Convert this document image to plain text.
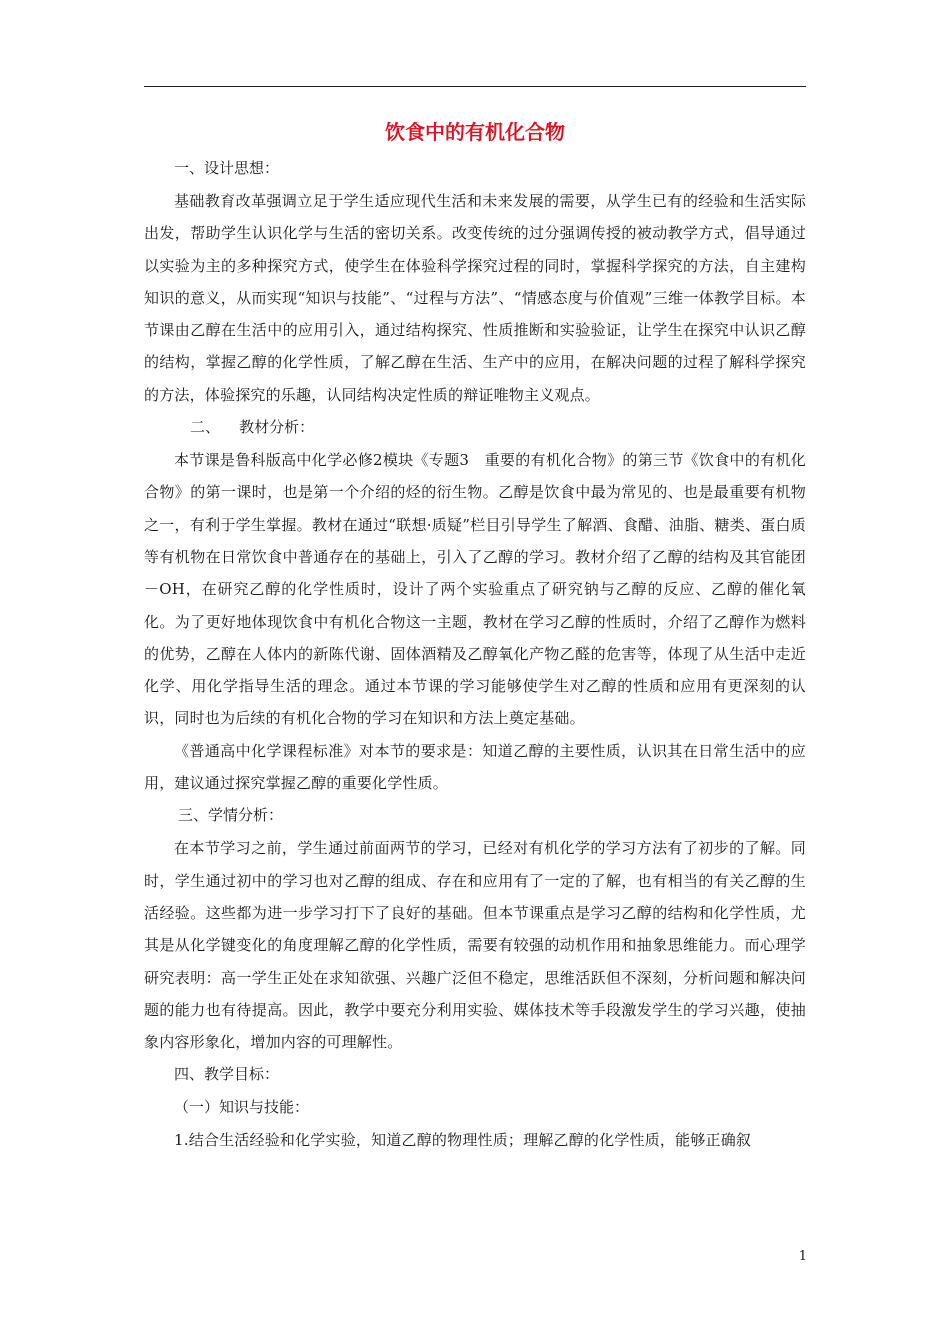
饮食中的有机化合物

一、设计思想：

基础教育改革强调立足于学生适应现代生活和未来发展的需要，从学生已有的经验和生活实际出发，帮助学生认识化学与生活的密切关系。改变传统的过分强调传授的被动教学方式，倡导通过以实验为主的多种探究方式，使学生在体验科学探究过程的同时，掌握科学探究的方法，自主建构知识的意义，从而实现“知识与技能”、“过程与方法”、“情感态度与价值观”三维一体教学目标。本节课由乙醇在生活中的应用引入，通过结构探究、性质推断和实验验证，让学生在探究中认识乙醇的结构，掌握乙醇的化学性质，了解乙醇在生活、生产中的应用，在解决问题的过程了解科学探究的方法，体验探究的乐趣，认同结构决定性质的辩证唯物主义观点。

二、    教材分析：

本节课是鲁科版高中化学必修2模块《专题3　重要的有机化合物》的第三节《饮食中的有机化合物》的第一课时，也是第一个介绍的烃的衍生物。乙醇是饮食中最为常见的、也是最重要有机物之一，有利于学生掌握。教材在通过“联想·质疑”栏目引导学生了解酒、食醋、油脂、糖类、蛋白质等有机物在日常饮食中普通存在的基础上，引入了乙醇的学习。教材介绍了乙醇的结构及其官能团－OH，在研究乙醇的化学性质时，设计了两个实验重点了研究钠与乙醇的反应、乙醇的催化氧化。为了更好地体现饮食中有机化合物这一主题，教材在学习乙醇的性质时，介绍了乙醇作为燃料的优势，乙醇在人体内的新陈代谢、固体酒精及乙醇氧化产物乙醛的危害等，体现了从生活中走近化学、用化学指导生活的理念。通过本节课的学习能够使学生对乙醇的性质和应用有更深刻的认识，同时也为后续的有机化合物的学习在知识和方法上奠定基础。

《普通高中化学课程标准》对本节的要求是：知道乙醇的主要性质，认识其在日常生活中的应用，建议通过探究掌握乙醇的重要化学性质。

三、学情分析：

在本节学习之前，学生通过前面两节的学习，已经对有机化学的学习方法有了初步的了解。同时，学生通过初中的学习也对乙醇的组成、存在和应用有了一定的了解，也有相当的有关乙醇的生活经验。这些都为进一步学习打下了良好的基础。但本节课重点是学习乙醇的结构和化学性质，尤其是从化学键变化的角度理解乙醇的化学性质，需要有较强的动机作用和抽象思维能力。而心理学研究表明：高一学生正处在求知欲强、兴趣广泛但不稳定，思维活跃但不深刻，分析问题和解决问题的能力也有待提高。因此，教学中要充分利用实验、媒体技术等手段激发学生的学习兴趣，使抽象内容形象化，增加内容的可理解性。

四、教学目标：

（一）知识与技能：

1.结合生活经验和化学实验，知道乙醇的物理性质；理解乙醇的化学性质，能够正确叙

1
